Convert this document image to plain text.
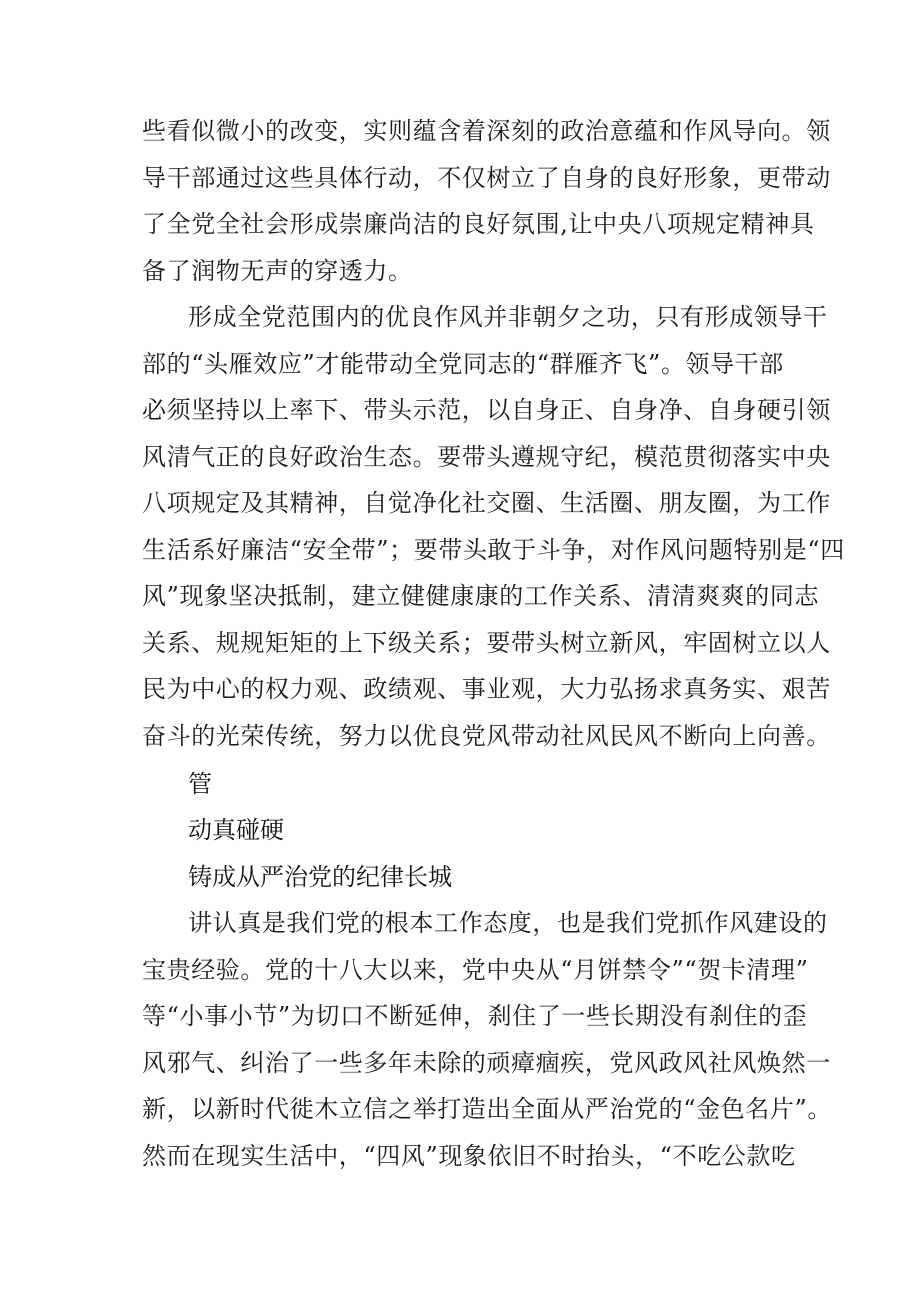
些看似微小的改变，实则蕴含着深刻的政治意蕴和作风导向。领
导干部通过这些具体行动，不仅树立了自身的良好形象，更带动
了全党全社会形成崇廉尚洁的良好氛围,让中央八项规定精神具
备了润物无声的穿透力。
形成全党范围内的优良作风并非朝夕之功，只有形成领导干
部的“头雁效应”才能带动全党同志的“群雁齐飞”。领导干部
必须坚持以上率下、带头示范，以自身正、自身净、自身硬引领
风清气正的良好政治生态。要带头遵规守纪，模范贯彻落实中央
八项规定及其精神，自觉净化社交圈、生活圈、朋友圈，为工作
生活系好廉洁“安全带”；要带头敢于斗争，对作风问题特别是“四
风”现象坚决抵制，建立健健康康的工作关系、清清爽爽的同志
关系、规规矩矩的上下级关系；要带头树立新风，牢固树立以人
民为中心的权力观、政绩观、事业观，大力弘扬求真务实、艰苦
奋斗的光荣传统，努力以优良党风带动社风民风不断向上向善。
管
动真碰硬
铸成从严治党的纪律长城
讲认真是我们党的根本工作态度，也是我们党抓作风建设的
宝贵经验。党的十八大以来，党中央从“月饼禁令”“贺卡清理”
等“小事小节”为切口不断延伸，刹住了一些长期没有刹住的歪
风邪气、纠治了一些多年未除的顽瘴痼疾，党风政风社风焕然一
新，以新时代徙木立信之举打造出全面从严治党的“金色名片”。
然而在现实生活中，“四风”现象依旧不时抬头，“不吃公款吃
